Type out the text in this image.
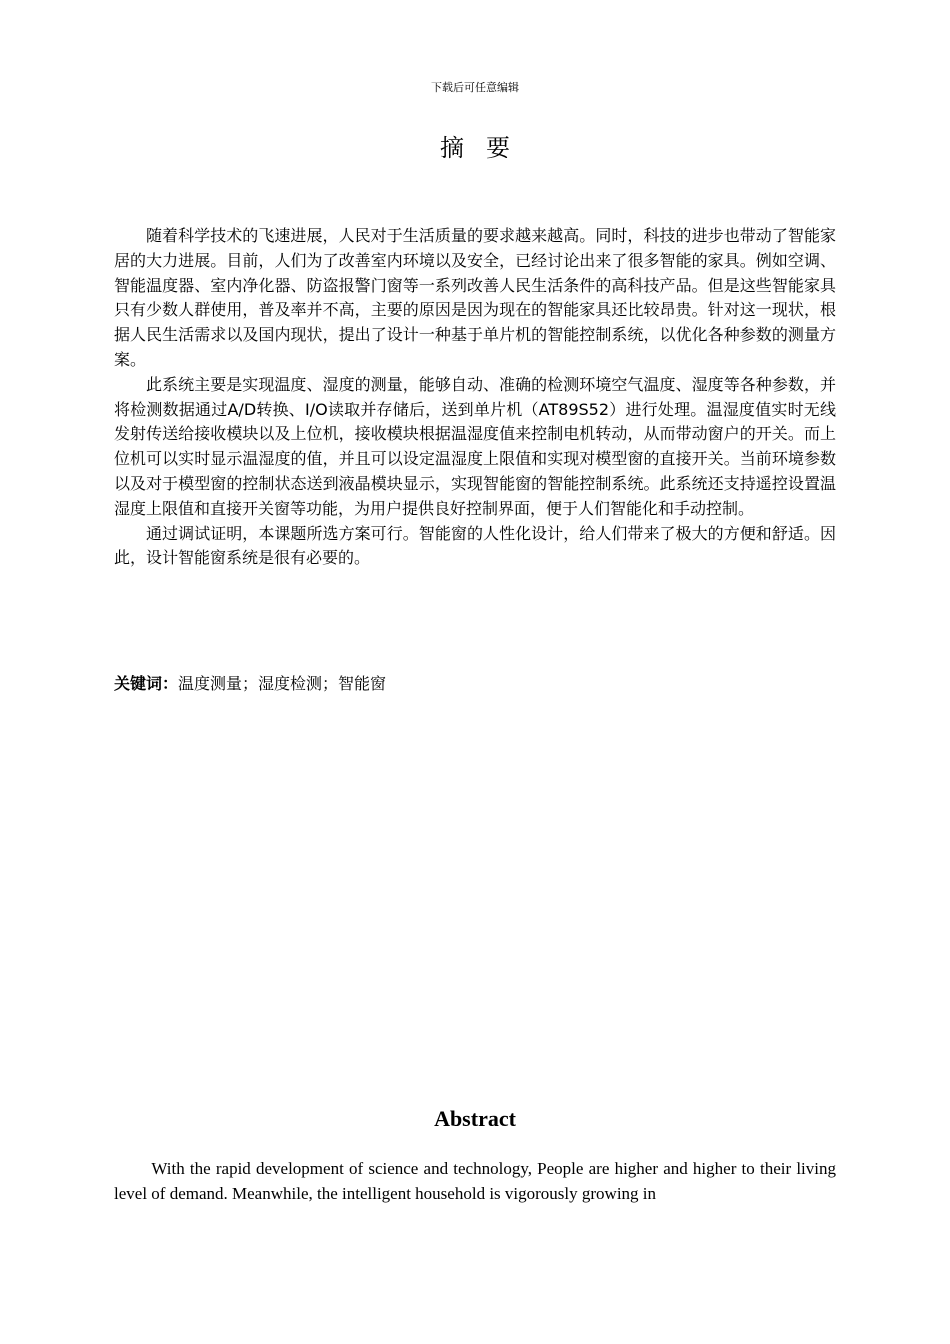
下载后可任意编辑
摘要

随着科学技术的飞速进展，人民对于生活质量的要求越来越高。同时，科技的进步也带动了智能家居的大力进展。目前，人们为了改善室内环境以及安全，已经讨论出来了很多智能的家具。例如空调、智能温度器、室内净化器、防盗报警门窗等一系列改善人民生活条件的高科技产品。但是这些智能家具只有少数人群使用，普及率并不高，主要的原因是因为现在的智能家具还比较昂贵。针对这一现状，根据人民生活需求以及国内现状，提出了设计一种基于单片机的智能控制系统，以优化各种参数的测量方案。

此系统主要是实现温度、湿度的测量，能够自动、准确的检测环境空气温度、湿度等各种参数，并将检测数据通过A/D转换、I/O读取并存储后，送到单片机（AT89S52）进行处理。温湿度值实时无线发射传送给接收模块以及上位机，接收模块根据温湿度值来控制电机转动，从而带动窗户的开关。而上位机可以实时显示温湿度的值，并且可以设定温湿度上限值和实现对模型窗的直接开关。当前环境参数以及对于模型窗的控制状态送到液晶模块显示，实现智能窗的智能控制系统。此系统还支持遥控设置温湿度上限值和直接开关窗等功能，为用户提供良好控制界面，便于人们智能化和手动控制。

通过调试证明，本课题所选方案可行。智能窗的人性化设计，给人们带来了极大的方便和舒适。因此，设计智能窗系统是很有必要的。

关键词：温度测量；湿度检测；智能窗
Abstract

With the rapid development of science and technology, People are higher and higher to their living level of demand. Meanwhile, the intelligent household is vigorously growing in
